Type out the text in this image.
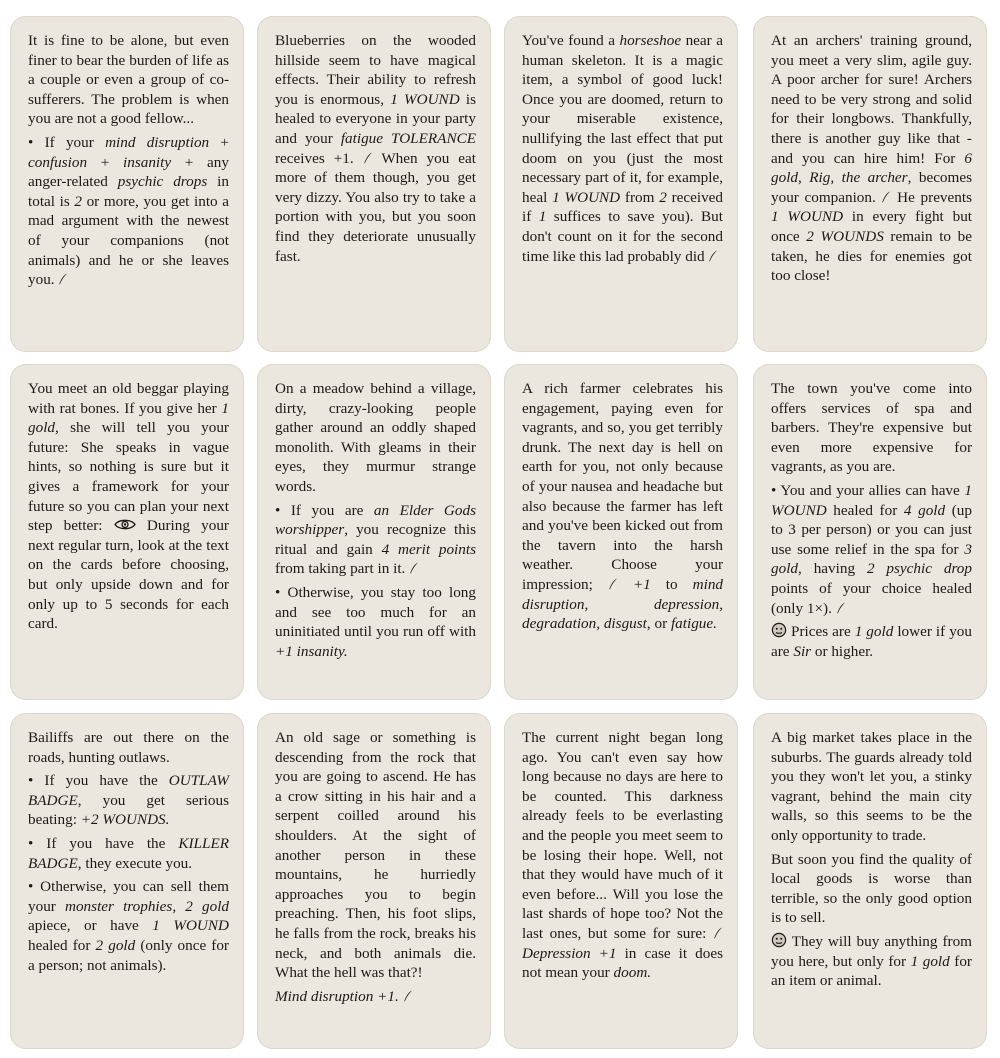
It is fine to be alone, but even finer to bear the burden of life as a couple or even a group of co-sufferers. The problem is when you are not a good fellow...

• If your mind disruption + confusion + insanity + any anger-related psychic drops in total is 2 or more, you get into a mad argument with the newest of your companions (not animals) and he or she leaves you.

Blueberries on the wooded hillside seem to have magical effects. Their ability to refresh you is enormous, 1 WOUND is healed to everyone in your party and your fatigue TOLERANCE receives +1.  When you eat more of them though, you get very dizzy. You also try to take a portion with you, but you soon find they deteriorate unusually fast.

You've found a horseshoe near a human skeleton. It is a magic item, a symbol of good luck! Once you are doomed, return to your miserable existence, nullifying the last effect that put doom on you (just the most necessary part of it, for example, heal 1 WOUND from 2 received if 1 suffices to save you). But don't count on it for the second time like this lad probably did

At an archers' training ground, you meet a very slim, agile guy. A poor archer for sure! Archers need to be very strong and solid for their longbows. Thankfully, there is another guy like that - and you can hire him! For 6 gold, Rig, the archer, becomes your companion.  He prevents 1 WOUND in every fight but once 2 WOUNDS remain to be taken, he dies for enemies got too close!

You meet an old beggar playing with rat bones. If you give her 1 gold, she will tell you your future: She speaks in vague hints, so nothing is sure but it gives a framework for your future so you can plan your next step better:  During your next regular turn, look at the text on the cards before choosing, but only upside down and for only up to 5 seconds for each card.

On a meadow behind a village, dirty, crazy-looking people gather around an oddly shaped monolith. With gleams in their eyes, they murmur strange words.

• If you are an Elder Gods worshipper, you recognize this ritual and gain 4 merit points from taking part in it.

• Otherwise, you stay too long and see too much for an uninitiated until you run off with +1 insanity.

A rich farmer celebrates his engagement, paying even for vagrants, and so, you get terribly drunk. The next day is hell on earth for you, not only because of your nausea and headache but also because the farmer has left and you've been kicked out from the tavern into the harsh weather. Choose your impression;  +1 to mind disruption, depression, degradation, disgust, or fatigue.

The town you've come into offers services of spa and barbers. They're expensive but even more expensive for vagrants, as you are.

• You and your allies can have 1 WOUND healed for 4 gold (up to 3 per person) or you can just use some relief in the spa for 3 gold, having 2 psychic drop points of your choice healed (only 1×).

Prices are 1 gold lower if you are Sir or higher.

Bailiffs are out there on the roads, hunting outlaws.

• If you have the OUTLAW BADGE, you get serious beating: +2 WOUNDS.

• If you have the KILLER BADGE, they execute you.

• Otherwise, you can sell them your monster trophies, 2 gold apiece, or have 1 WOUND healed for 2 gold (only once for a person; not animals).

An old sage or something is descending from the rock that you are going to ascend. He has a crow sitting in his hair and a serpent coilled around his shoulders. At the sight of another person in these mountains, he hurriedly approaches you to begin preaching. Then, his foot slips, he falls from the rock, breaks his neck, and both animals die. What the hell was that?!

Mind disruption +1.

The current night began long ago. You can't even say how long because no days are here to be counted. This darkness already feels to be everlasting and the people you meet seem to be losing their hope. Well, not that they would have much of it even before... Will you lose the last shards of hope too? Not the last ones, but some for sure:  Depression +1 in case it does not mean your doom.

A big market takes place in the suburbs. The guards already told you they won't let you, a stinky vagrant, behind the main city walls, so this seems to be the only opportunity to trade.

But soon you find the quality of local goods is worse than terrible, so the only good option is to sell.

They will buy anything from you here, but only for 1 gold for an item or animal.
